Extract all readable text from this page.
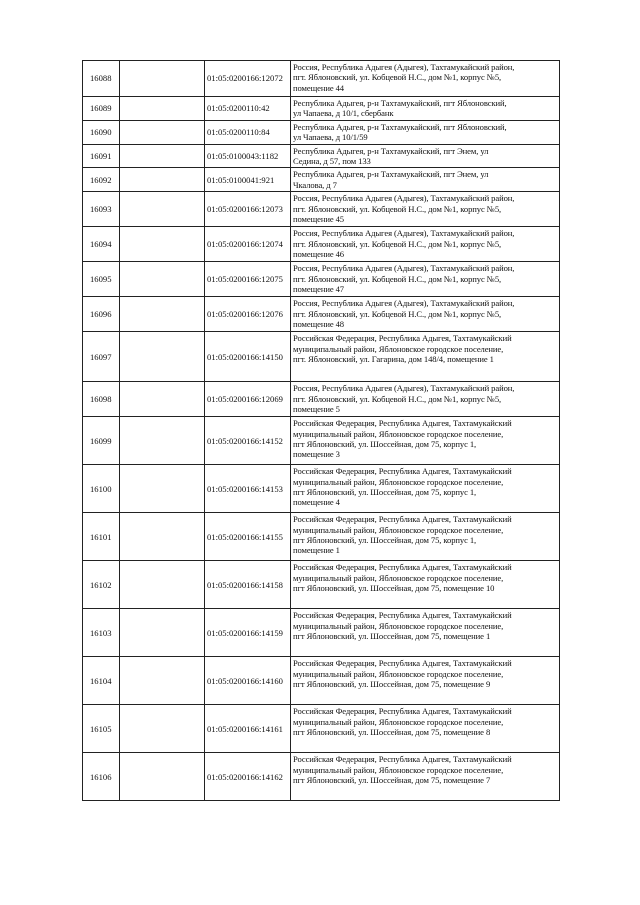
16088		01:05:0200166:12072	Россия, Республика Адыгея (Адыгея), Тахтамукайский район,
пгт. Яблоновский, ул. Кобцевой Н.С., дом №1, корпус №5,
помещение 44
16089		01:05:0200110:42	Республика Адыгея, р-н Тахтамукайский, пгт Яблоновский,
ул Чапаева, д 10/1, сбербанк
16090		01:05:0200110:84	Республика Адыгея, р-н Тахтамукайский, пгт Яблоновский,
ул Чапаева, д 10/1/59
16091		01:05:0100043:1182	Республика Адыгея, р-н Тахтамукайский, пгт Энем, ул
Седина, д 57, пом 133
16092		01:05:0100041:921	Республика Адыгея, р-н Тахтамукайский, пгт Энем, ул
Чкалова, д 7
16093		01:05:0200166:12073	Россия, Республика Адыгея (Адыгея), Тахтамукайский район,
пгт. Яблоновский, ул. Кобцевой Н.С., дом №1, корпус №5,
помещение 45
16094		01:05:0200166:12074	Россия, Республика Адыгея (Адыгея), Тахтамукайский район,
пгт. Яблоновский, ул. Кобцевой Н.С., дом №1, корпус №5,
помещение 46
16095		01:05:0200166:12075	Россия, Республика Адыгея (Адыгея), Тахтамукайский район,
пгт. Яблоновский, ул. Кобцевой Н.С., дом №1, корпус №5,
помещение 47
16096		01:05:0200166:12076	Россия, Республика Адыгея (Адыгея), Тахтамукайский район,
пгт. Яблоновский, ул. Кобцевой Н.С., дом №1, корпус №5,
помещение 48
16097		01:05:0200166:14150	Российская Федерация, Республика Адыгея, Тахтамукайский
муниципальный район, Яблоновское городское поселение,
пгт. Яблоновский, ул. Гагарина, дом 148/4, помещение 1
16098		01:05:0200166:12069	Россия, Республика Адыгея (Адыгея), Тахтамукайский район,
пгт. Яблоновский, ул. Кобцевой Н.С., дом №1, корпус №5,
помещение 5
16099		01:05:0200166:14152	Российская Федерация, Республика Адыгея, Тахтамукайский
муниципальный район, Яблоновское городское поселение,
пгт Яблоновский, ул. Шоссейная, дом 75, корпус 1,
помещение 3
16100		01:05:0200166:14153	Российская Федерация, Республика Адыгея, Тахтамукайский
муниципальный район, Яблоновское городское поселение,
пгт Яблоновский, ул. Шоссейная, дом 75, корпус 1,
помещение 4
16101		01:05:0200166:14155	Российская Федерация, Республика Адыгея, Тахтамукайский
муниципальный район, Яблоновское городское поселение,
пгт Яблоновский, ул. Шоссейная, дом 75, корпус 1,
помещение 1
16102		01:05:0200166:14158	Российская Федерация, Республика Адыгея, Тахтамукайский
муниципальный район, Яблоновское городское поселение,
пгт Яблоновский, ул. Шоссейная, дом 75, помещение 10
16103		01:05:0200166:14159	Российская Федерация, Республика Адыгея, Тахтамукайский
муниципальный район, Яблоновское городское поселение,
пгт Яблоновский, ул. Шоссейная, дом 75, помещение 1
16104		01:05:0200166:14160	Российская Федерация, Республика Адыгея, Тахтамукайский
муниципальный район, Яблоновское городское поселение,
пгт Яблоновский, ул. Шоссейная, дом 75, помещение 9
16105		01:05:0200166:14161	Российская Федерация, Республика Адыгея, Тахтамукайский
муниципальный район, Яблоновское городское поселение,
пгт Яблоновский, ул. Шоссейная, дом 75, помещение 8
16106		01:05:0200166:14162	Российская Федерация, Республика Адыгея, Тахтамукайский
муниципальный район, Яблоновское городское поселение,
пгт Яблоновский, ул. Шоссейная, дом 75, помещение 7
